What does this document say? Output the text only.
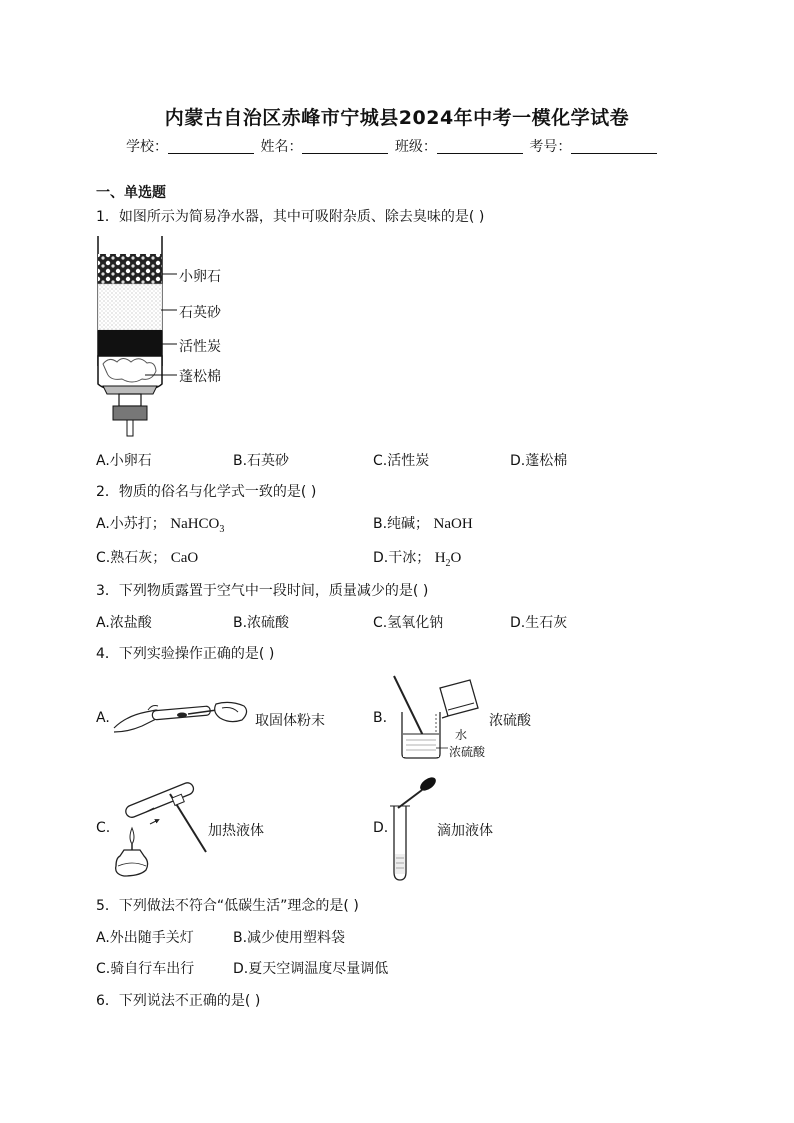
内蒙古自治区赤峰市宁城县2024年中考一模化学试卷
学校：	姓名：	班级：	考号：
一、单选题
1．如图所示为简易净水器，其中可吸附杂质、除去臭味的是( )
小卵石
石英砂
活性炭
蓬松棉
A.小卵石	B.石英砂	C.活性炭	D.蓬松棉
2．物质的俗名与化学式一致的是( )
A.小苏打； NaHCO$_3$	B.纯碱； NaOH
C.熟石灰； CaO	D.干冰； $H_2O$
3．下列物质露置于空气中一段时间，质量减少的是( )
A.浓盐酸	B.浓硫酸	C.氢氧化钠	D.生石灰
4．下列实验操作正确的是( )
A.	取固体粉末	B.
水
浓硫酸
浓硫酸
C.	加热液体	D.	滴加液体
5．下列做法不符合“低碳生活”理念的是( )
A.外出随手关灯	B.减少使用塑料袋
C.骑自行车出行	D.夏天空调温度尽量调低
6．下列说法不正确的是( )
